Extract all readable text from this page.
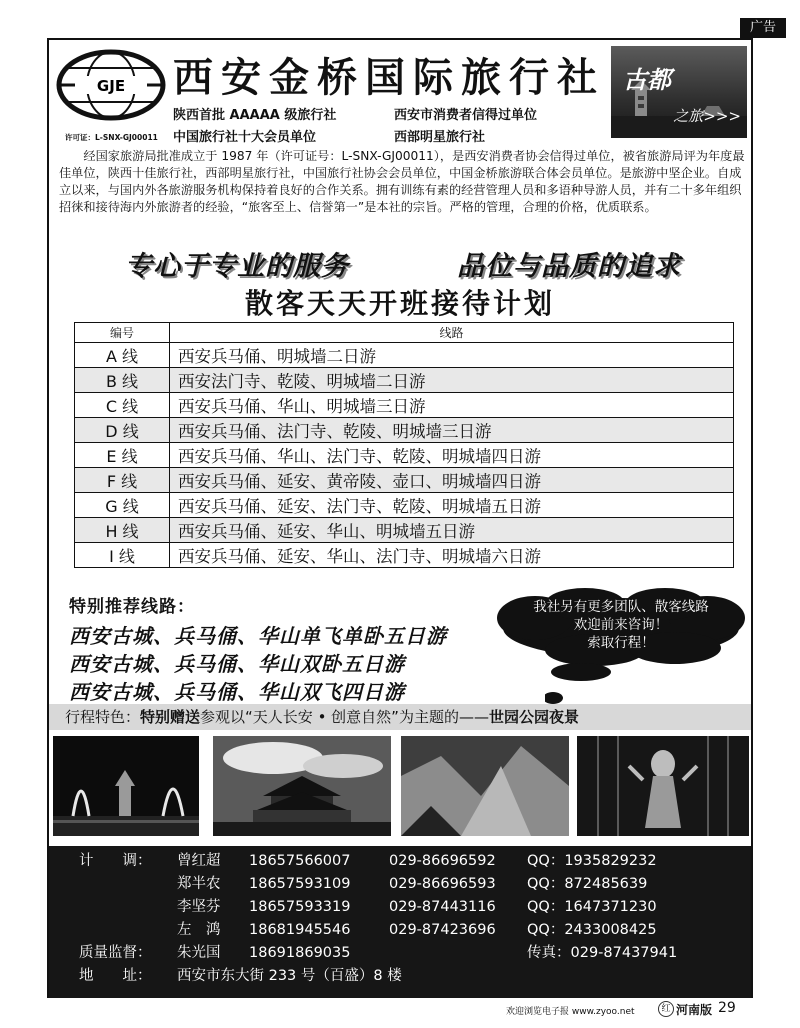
广告
GJE 西安金桥国际旅行社
陕西首批 AAAAA 级旅行社	西安市消费者信得过单位
中国旅行社十大会员单位	西部明星旅行社
许可证：L-SNX-GJ00011
古都
之旅>>>
经国家旅游局批准成立于 1987 年（许可证号：L-SNX-GJ00011），是西安消费者协会信得过单位，被省旅游局评为年度最佳单位，陕西十佳旅行社，西部明星旅行社，中国旅行社协会会员单位，中国金桥旅游联合体会员单位。是旅游中坚企业。自成立以来，与国内外各旅游服务机构保持着良好的合作关系。拥有训练有素的经营管理人员和多语种导游人员，并有二十多年组织招徕和接待海内外旅游者的经验，“旅客至上、信誉第一”是本社的宗旨。严格的管理，合理的价格，优质联系。
专心于专业的服务	品位与品质的追求
散客天天开班接待计划
编号	线路
A 线	西安兵马俑、明城墙二日游
B 线	西安法门寺、乾陵、明城墙二日游
C 线	西安兵马俑、华山、明城墙三日游
D 线	西安兵马俑、法门寺、乾陵、明城墙三日游
E 线	西安兵马俑、华山、法门寺、乾陵、明城墙四日游
F 线	西安兵马俑、延安、黄帝陵、壶口、明城墙四日游
G 线	西安兵马俑、延安、法门寺、乾陵、明城墙五日游
H 线	西安兵马俑、延安、华山、明城墙五日游
I 线	西安兵马俑、延安、华山、法门寺、明城墙六日游
特别推荐线路：
西安古城、兵马俑、华山单飞单卧五日游
西安古城、兵马俑、华山双卧五日游
西安古城、兵马俑、华山双飞四日游
我社另有更多团队、散客线路
欢迎前来咨询！
索取行程！
行程特色：特别赠送参观以“天人长安 • 创意自然”为主题的——世园公园夜景
计　　调： 曾红超 18657566007	029-86696592 QQ：1935829232
郑半农 18657593109	029-86696593 QQ：872485639
李坚芬 18657593319	029-87443116 QQ：1647371230
左　鸿 18681945546	029-87423696 QQ：2433008425
质量监督： 朱光国 18691869035	传真：029-87437941
地　　址： 西安市东大街 233 号（百盛）8 楼
欢迎浏览电子报 www.zyoo.net	红 河南版 29
